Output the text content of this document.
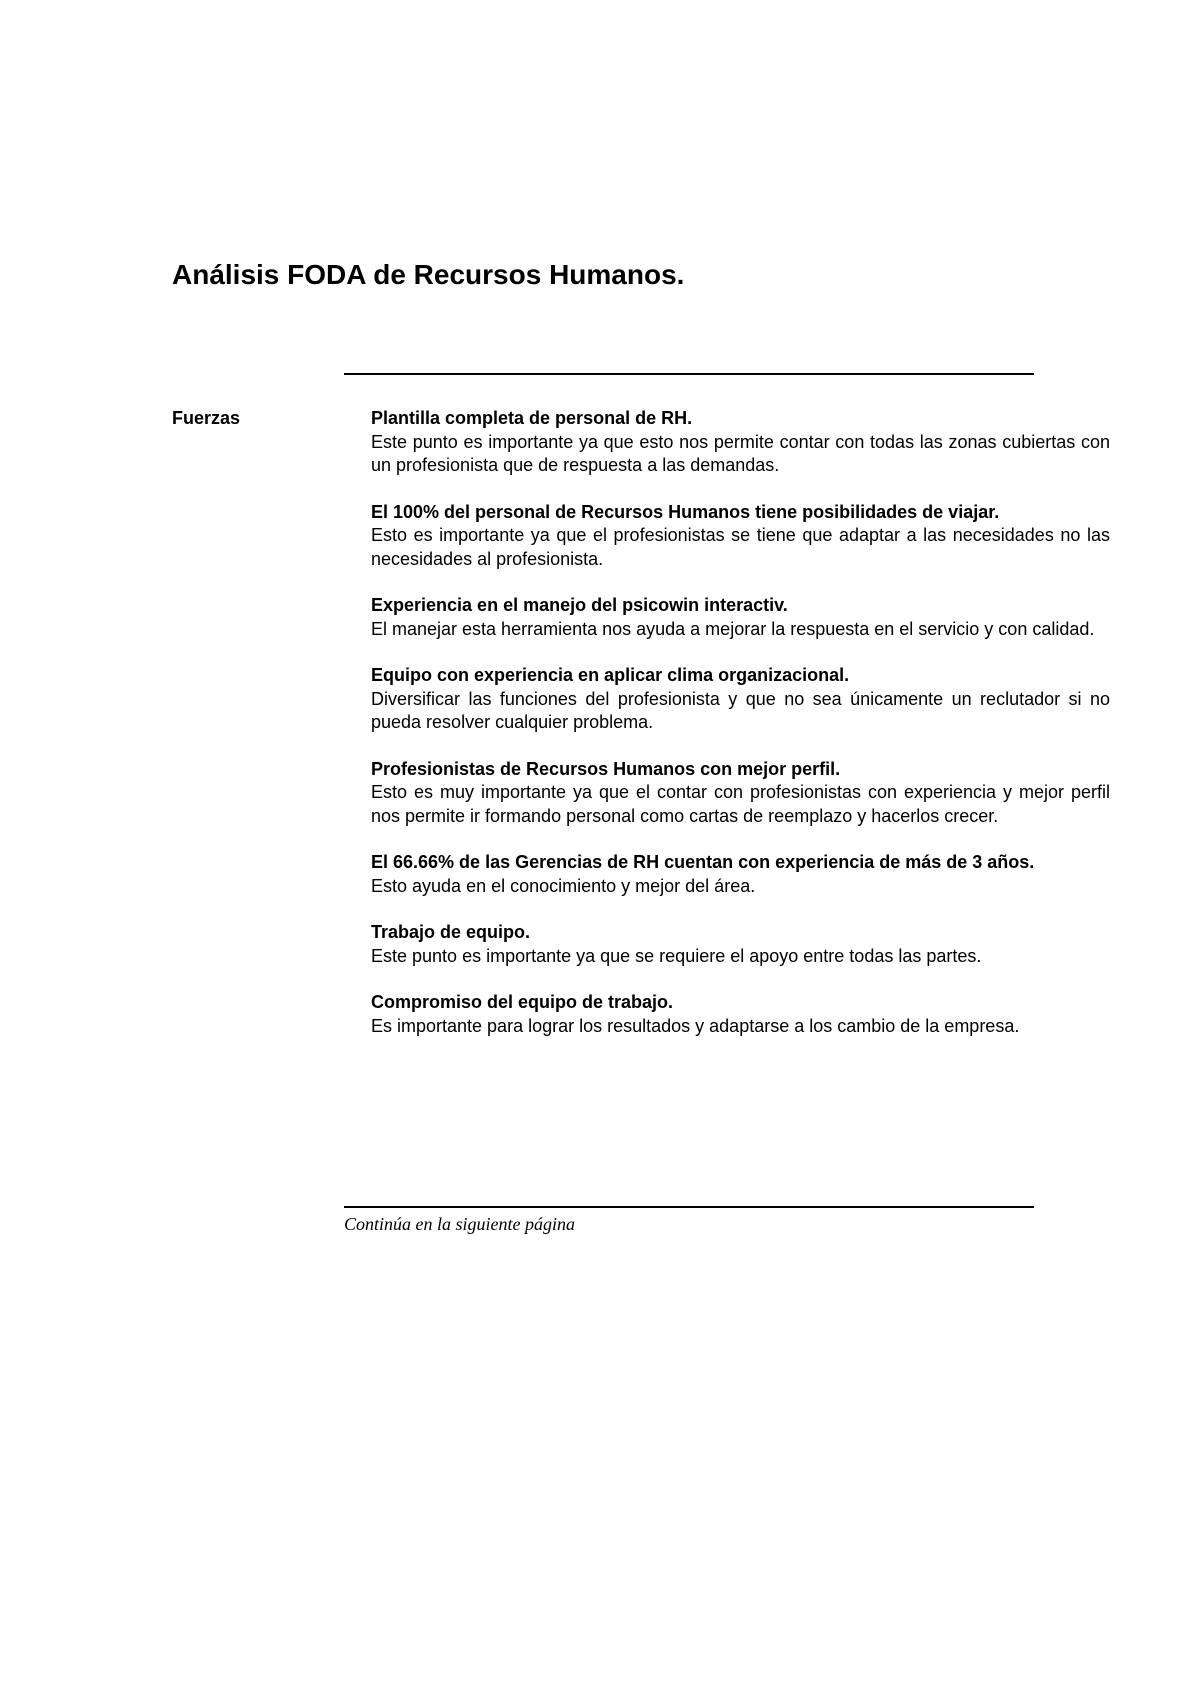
Análisis FODA de Recursos Humanos.
Fuerzas	Plantilla completa de personal de RH.
Este punto es importante ya que esto nos permite contar con todas las zonas cubiertas con un profesionista que de respuesta a las demandas.
El 100% del personal de Recursos Humanos tiene posibilidades de viajar.
Esto es importante ya que el profesionistas se tiene que adaptar a las necesidades no las necesidades al profesionista.
Experiencia en el manejo del psicowin interactiv.
El manejar esta herramienta nos ayuda a mejorar la respuesta en el servicio y con calidad.
Equipo con experiencia en aplicar clima organizacional.
Diversificar las funciones del profesionista y que no sea únicamente un reclutador si no pueda resolver cualquier problema.
Profesionistas de Recursos Humanos con mejor perfil.
Esto es muy importante ya que el contar con profesionistas con experiencia y mejor perfil nos permite ir formando personal como cartas de reemplazo y hacerlos crecer.
El 66.66% de las Gerencias de RH cuentan con experiencia de más de 3 años.
Esto ayuda en el conocimiento y mejor del área.
Trabajo de equipo.
Este punto es importante ya que se requiere el apoyo entre todas las partes.
Compromiso del equipo de trabajo.
Es importante para lograr los resultados y adaptarse a los cambio de la empresa.
Continúa en la siguiente página
